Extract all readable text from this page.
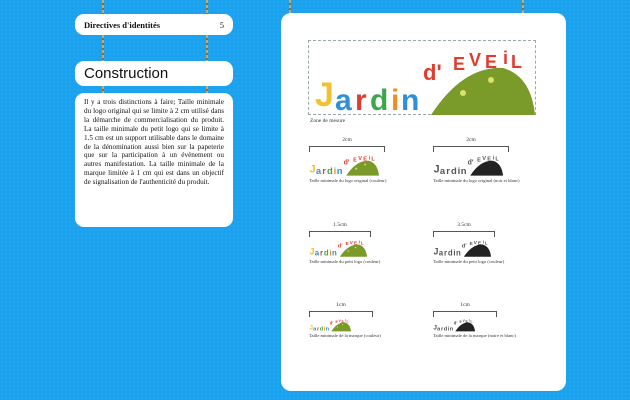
Directives d'identités	5
Construction

Il y a trois distinctions à faire; Taille minimale du logo original qui se limite à 2 cm utilisé dans la démarche de commercialisation du produit. La taille minimale du petit logo qui se limite à 1.5 cm est un support utilisable dans le domaine de la dénomination aussi bien sur la papeterie que sur la participation à un évènement ou autres manifestation. La taille minimale de la marque limitée à 1 cm qui est dans un objectif de signalisation de l'authenticité du produit.

J a r d i n
d' E V E i L
Zone de mesure
2cm
J a r d i n
d' E V E i L
Taille minimale du logo original (couleur)
2cm
J a r d i n
d' E V E i L
Taille minimale du logo original (noir et blanc)
1.5cm
J a r d i n
d'
E V E i L
Taille minimale du petit logo (couleur)
3.5cm
J a r d i n
d'
E V E i L
Taille minimale du petit logo (couleur)
1cm
J a r d i n
d' E V E i L
Taille minimale de la marque (couleur)
1cm
J a r d i n
d' E V E i L
Taille minimale de la marque (noire et blanc)
